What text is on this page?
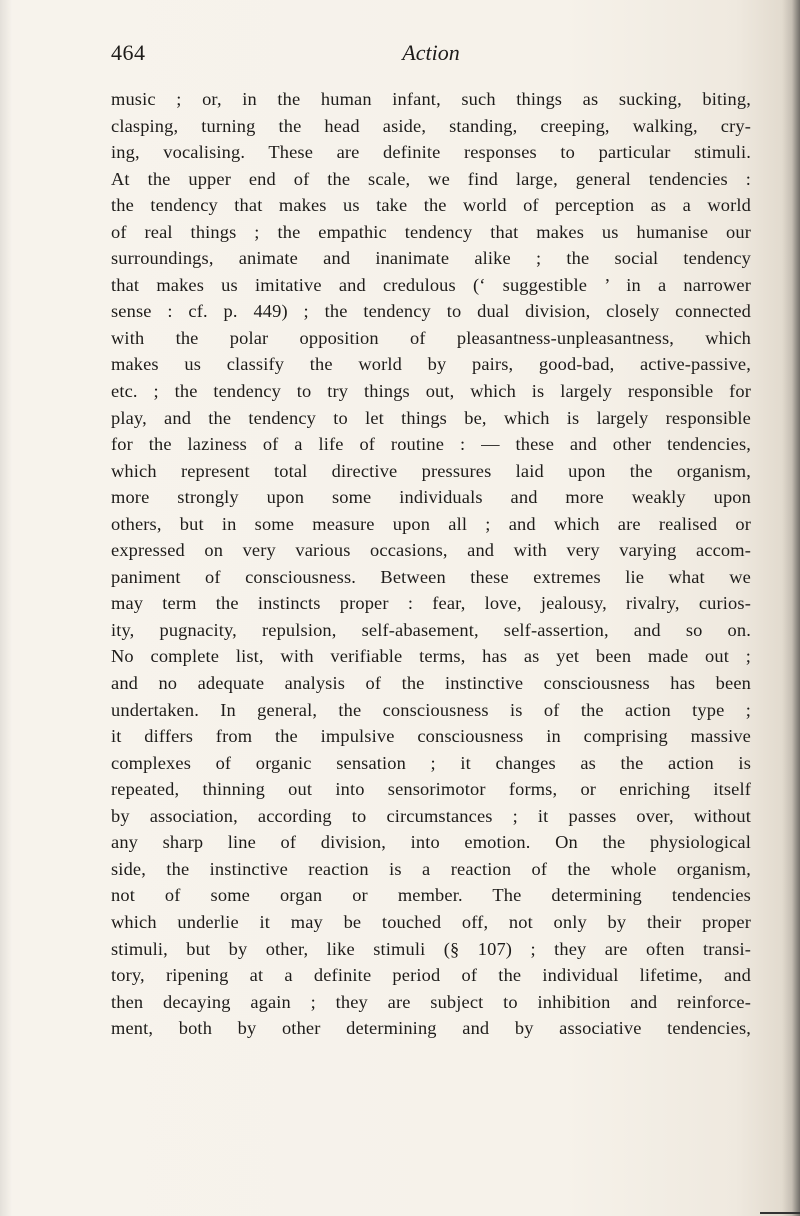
464	Action
music ; or, in the human infant, such things as sucking, biting,
clasping, turning the head aside, standing, creeping, walking, cry-
ing, vocalising. These are definite responses to particular stimuli.
At the upper end of the scale, we find large, general tendencies :
the tendency that makes us take the world of perception as a world
of real things ; the empathic tendency that makes us humanise our
surroundings, animate and inanimate alike ; the social tendency
that makes us imitative and credulous (‘ suggestible ’ in a narrower
sense : cf. p. 449) ; the tendency to dual division, closely connected
with the polar opposition of pleasantness-unpleasantness, which
makes us classify the world by pairs, good-bad, active-passive,
etc. ; the tendency to try things out, which is largely responsible for
play, and the tendency to let things be, which is largely responsible
for the laziness of a life of routine : — these and other tendencies,
which represent total directive pressures laid upon the organism,
more strongly upon some individuals and more weakly upon
others, but in some measure upon all ; and which are realised or
expressed on very various occasions, and with very varying accom-
paniment of consciousness. Between these extremes lie what we
may term the instincts proper : fear, love, jealousy, rivalry, curios-
ity, pugnacity, repulsion, self-abasement, self-assertion, and so on.
No complete list, with verifiable terms, has as yet been made out ;
and no adequate analysis of the instinctive consciousness has been
undertaken. In general, the consciousness is of the action type ;
it differs from the impulsive consciousness in comprising massive
complexes of organic sensation ; it changes as the action is
repeated, thinning out into sensorimotor forms, or enriching itself
by association, according to circumstances ; it passes over, without
any sharp line of division, into emotion. On the physiological
side, the instinctive reaction is a reaction of the whole organism,
not of some organ or member. The determining tendencies
which underlie it may be touched off, not only by their proper
stimuli, but by other, like stimuli (§ 107) ; they are often transi-
tory, ripening at a definite period of the individual lifetime, and
then decaying again ; they are subject to inhibition and reinforce-
ment, both by other determining and by associative tendencies,
